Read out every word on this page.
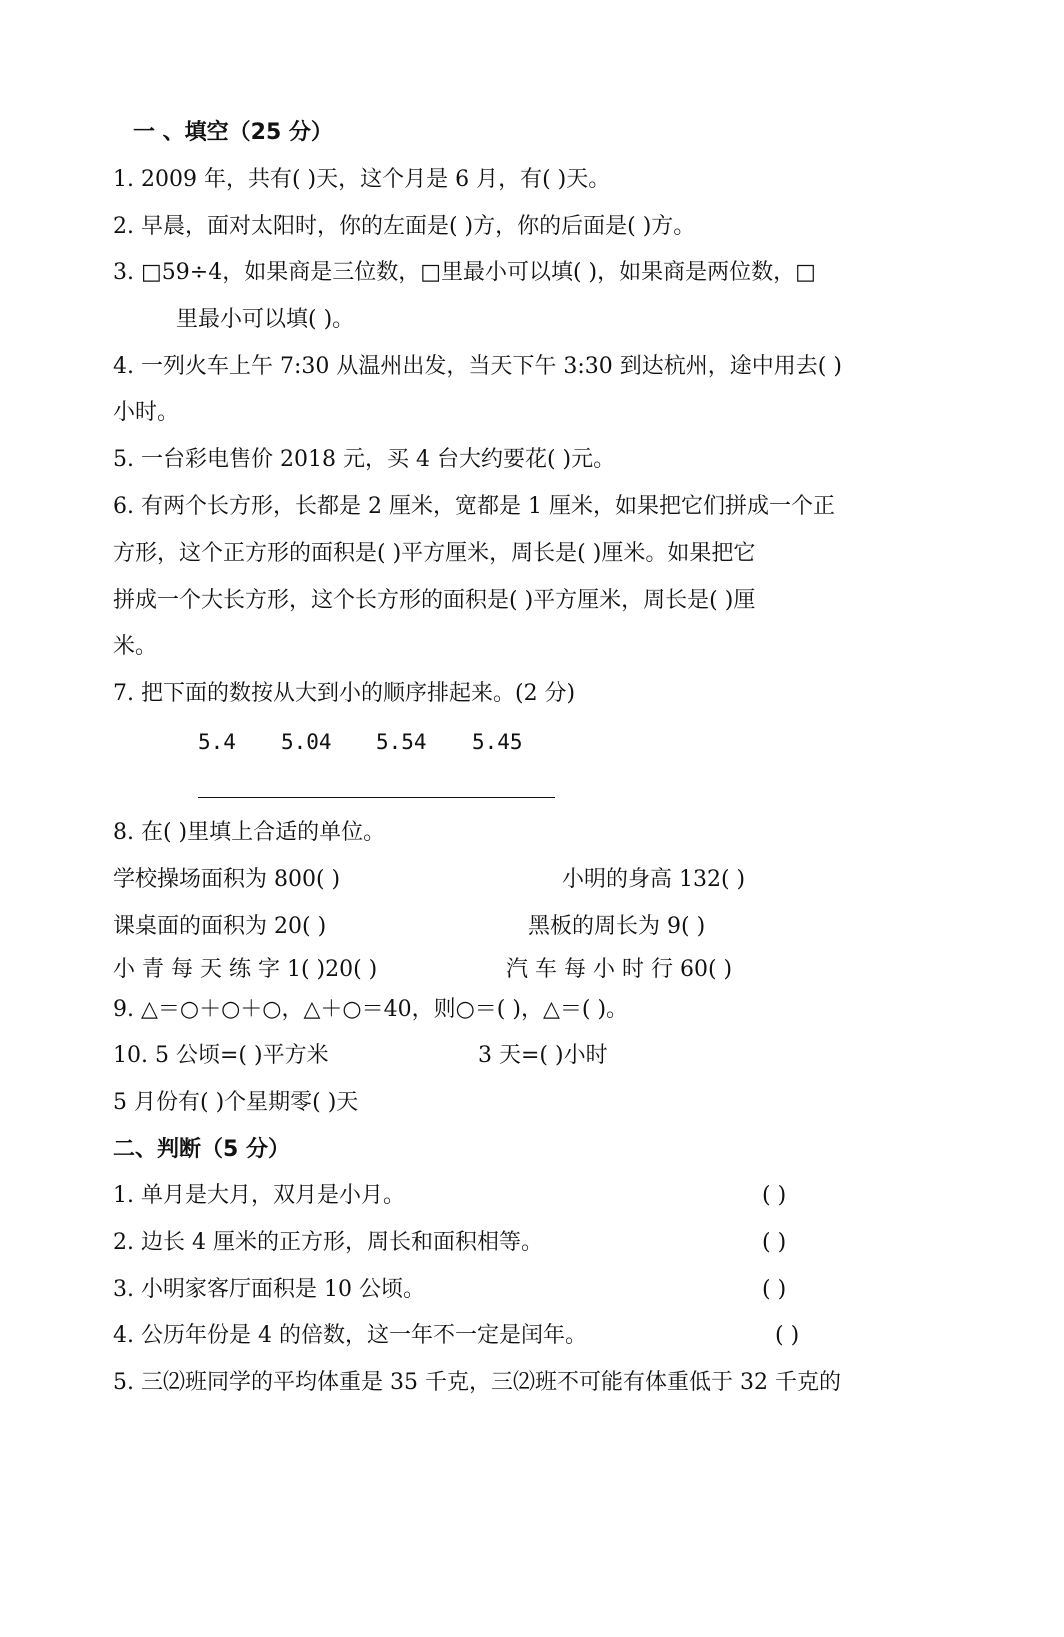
一 、填空（25 分）
1. 2009 年，共有( )天，这个月是 6 月，有( )天。
2. 早晨，面对太阳时，你的左面是( )方，你的后面是( )方。
3. □59÷4，如果商是三位数，□里最小可以填( )，如果商是两位数，□
里最小可以填( )。
4. 一列火车上午 7:30 从温州出发，当天下午 3:30 到达杭州，途中用去( )
小时。
5. 一台彩电售价 2018 元，买 4 台大约要花( )元。
6. 有两个长方形，长都是 2 厘米，宽都是 1 厘米，如果把它们拼成一个正
方形，这个正方形的面积是( )平方厘米，周长是( )厘米。如果把它
拼成一个大长方形，这个长方形的面积是( )平方厘米，周长是( )厘
米。
7. 把下面的数按从大到小的顺序排起来。(2 分)
5.4 5.04 5.54 5.45
8. 在( )里填上合适的单位。
学校操场面积为 800( )	小明的身高 132( )
课桌面的面积为 20( )	黑板的周长为 9( )
小 青 每 天 练 字 1( )20( )	汽 车 每 小 时 行 60( )
9. △＝○＋○＋○，△＋○＝40，则○＝( )，△＝( )。
10. 5 公顷=( )平方米	3 天=( )小时
5 月份有( )个星期零( )天
二、判断（5 分）
1. 单月是大月，双月是小月。	( )
2. 边长 4 厘米的正方形，周长和面积相等。	( )
3. 小明家客厅面积是 10 公顷。	( )
4. 公历年份是 4 的倍数，这一年不一定是闰年。	( )
5. 三⑵班同学的平均体重是 35 千克，三⑵班不可能有体重低于 32 千克的
